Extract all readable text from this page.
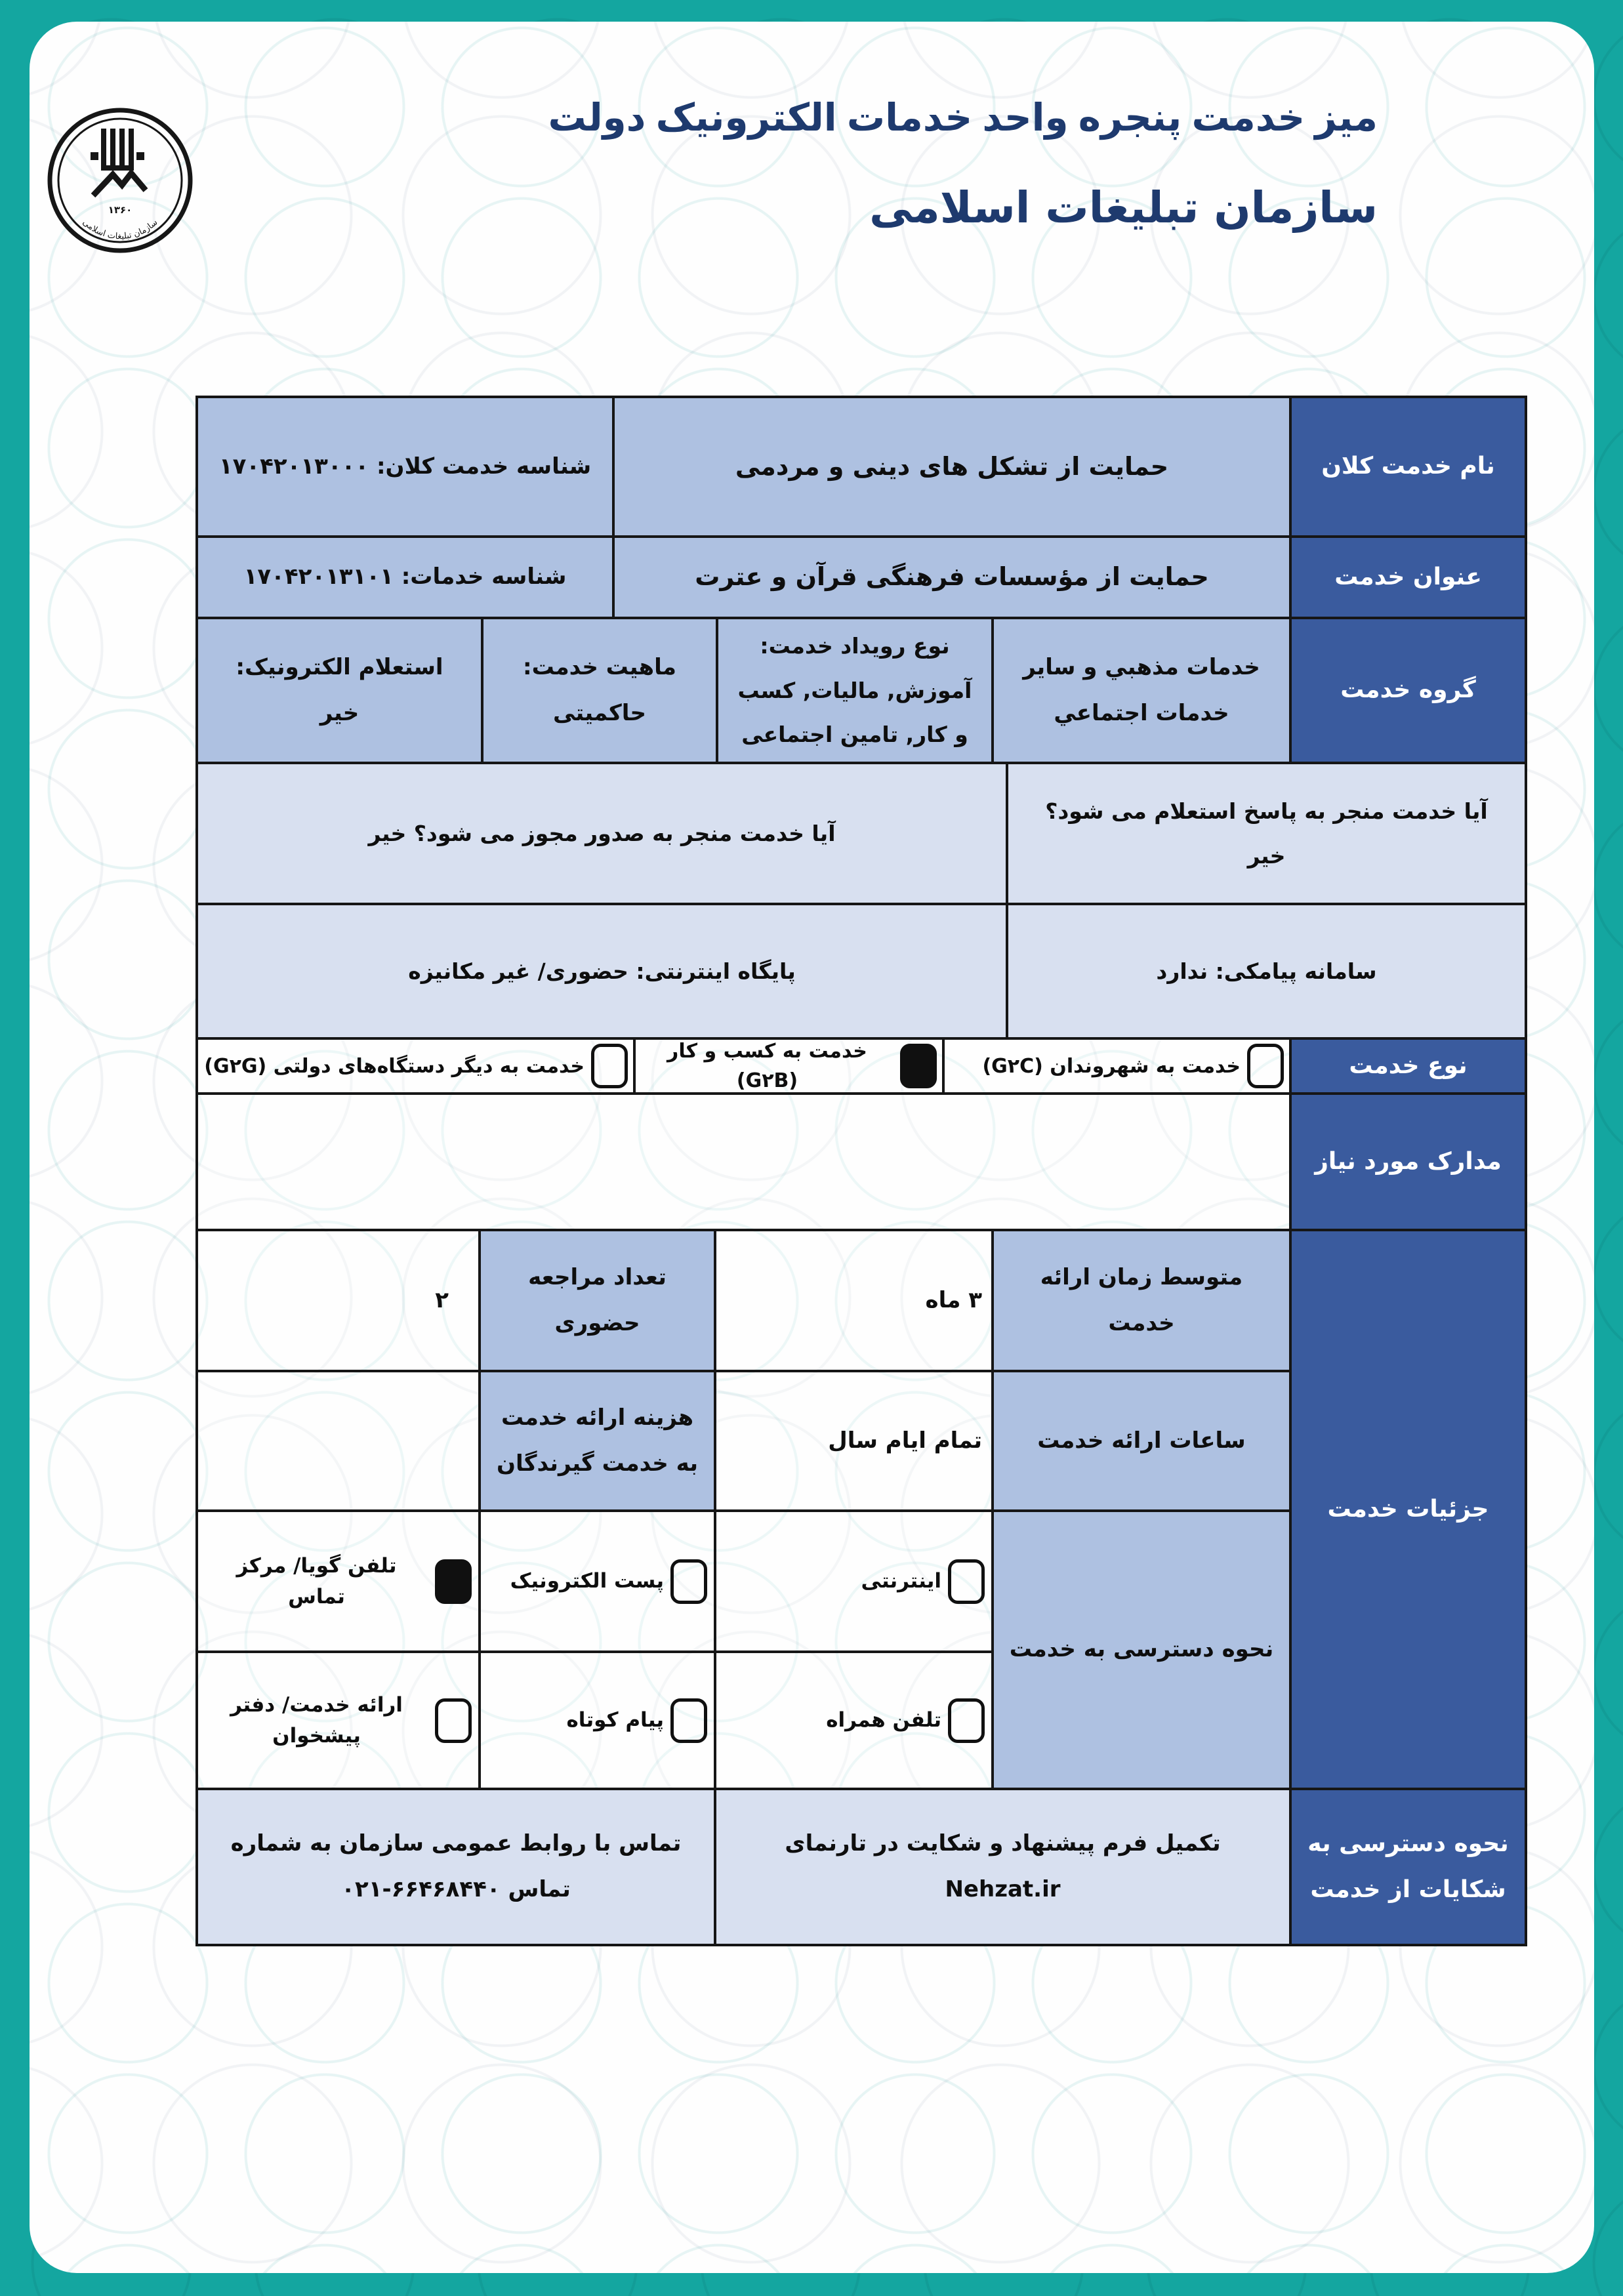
میز خدمت پنجره واحد خدمات الکترونیک دولت
سازمان تبلیغات اسلامی
۱۳۶۰
سازمان تبلیغات اسلامی
نام خدمت کلان
حمایت از تشکل های دینی و مردمی
شناسه خدمت کلان: ۱۷۰۴۲۰۱۳۰۰۰
عنوان خدمت
حمایت از مؤسسات فرهنگی قرآن و عترت
شناسه خدمات: ۱۷۰۴۲۰۱۳۱۰۱
گروه خدمت
خدمات مذهبي و ساير خدمات اجتماعي
نوع رویداد خدمت: آموزش, مالیات, کسب و کار, تامین اجتماعی
ماهیت خدمت: حاکمیتی
استعلام الکترونیک: خیر
آیا خدمت منجر به پاسخ استعلام می شود؟ خیر
آیا خدمت منجر به صدور مجوز می شود؟ خیر
سامانه پیامکی: ندارد
پایگاه اینترنتی: حضوری/ غیر مکانیزه
نوع خدمت
خدمت به شهروندان (G۲C)
خدمت به کسب و کار (G۲B)
خدمت به دیگر دستگاه‌های دولتی (G۲G)
مدارک مورد نیاز
جزئیات خدمت
متوسط زمان ارائه خدمت
۳ ماه
تعداد مراجعه حضوری
۲
ساعات ارائه خدمت
تمام ایام سال
هزینه ارائه خدمت به خدمت گیرندگان
نحوه دسترسی به خدمت
اینترنتی
پست الکترونیک
تلفن گویا/ مرکز تماس
تلفن همراه
پیام کوتاه
ارائه خدمت/ دفتر پیشخوان
نحوه دسترسی به شکایات از خدمت
تکمیل فرم پیشنهاد و شکایت در تارنمای Nehzat.ir
تماس با روابط عمومی سازمان به شماره تماس ۶۶۴۶۸۴۴۰-۰۲۱
